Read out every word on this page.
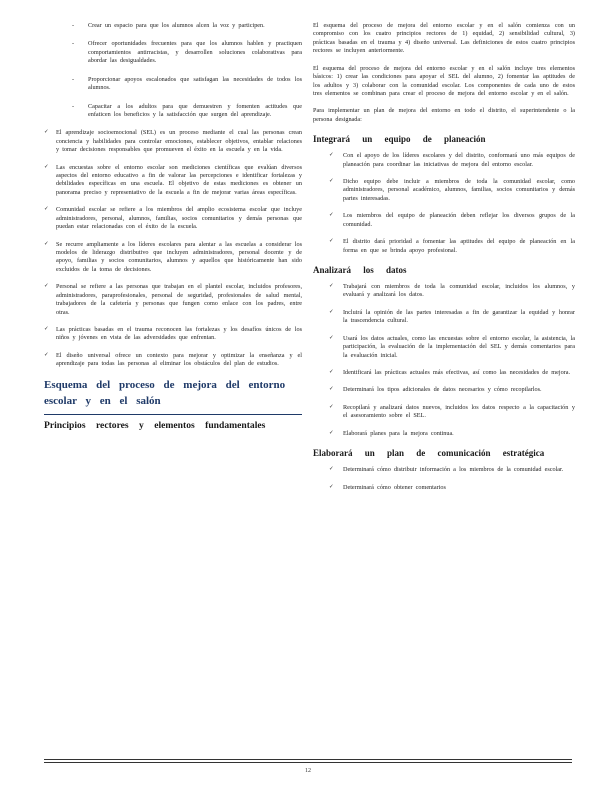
- Crear un espacio para que los alumnos alcen la voz y participen.
- Ofrecer oportunidades frecuentes para que los alumnos hablen y practiquen comportamientos antirracistas, y desarrollen soluciones colaborativas para abordar las desigualdades.
- Proporcionar apoyos escalonados que satisfagan las necesidades de todos los alumnos.
- Capacitar a los adultos para que demuestren y fomenten actitudes que enfaticen los beneficios y la satisfacción que surgen del aprendizaje.
✓ El aprendizaje socioemocional (SEL) es un proceso mediante el cual las personas crean conciencia y habilidades para controlar emociones, establecer objetivos, entablar relaciones y tomar decisiones responsables que promueven el éxito en la escuela y en la vida.
✓ Las encuestas sobre el entorno escolar son mediciones científicas que evalúan diversos aspectos del entorno educativo a fin de valorar las percepciones e identificar fortalezas y debilidades específicas en una escuela. El objetivo de estas mediciones es obtener un panorama preciso y representativo de la escuela a fin de mejorar varias áreas específicas.
✓ Comunidad escolar se refiere a los miembros del amplio ecosistema escolar que incluye administradores, personal, alumnos, familias, socios comunitarios y demás personas que puedan estar relacionadas con el éxito de la escuela.
✓ Se recurre ampliamente a los líderes escolares para alentar a las escuelas a considerar los modelos de liderazgo distributivo que incluyen administradores, personal docente y de apoyo, familias y socios comunitarios, alumnos y aquellos que históricamente han sido excluidos de la toma de decisiones.
✓ Personal se refiere a las personas que trabajan en el plantel escolar, incluidos profesores, administradores, paraprofesionales, personal de seguridad, profesionales de salud mental, trabajadores de la cafetería y personas que fungen como enlace con los padres, entre otras.
✓ Las prácticas basadas en el trauma reconocen las fortalezas y los desafíos únicos de los niños y jóvenes en vista de las adversidades que enfrentan.
✓ El diseño universal ofrece un contexto para mejorar y optimizar la enseñanza y el aprendizaje para todas las personas al eliminar los obstáculos del plan de estudios.
Esquema del proceso de mejora del entorno escolar y en el salón
Principios rectores y elementos fundamentales

El esquema del proceso de mejora del entorno escolar y en el salón comienza con un compromiso con los cuatro principios rectores de 1) equidad, 2) sensibilidad cultural, 3) prácticas basadas en el trauma y 4) diseño universal. Las definiciones de estos cuatro principios rectores se incluyen anteriormente.

El esquema del proceso de mejora del entorno escolar y en el salón incluye tres elementos básicos: 1) crear las condiciones para apoyar el SEL del alumno, 2) fomentar las aptitudes de los adultos y 3) colaborar con la comunidad escolar. Los componentes de cada uno de estos tres elementos se combinan para crear el proceso de mejora del entorno escolar y en el salón.

Para implementar un plan de mejora del entorno en todo el distrito, el superintendente o la persona designada:

Integrará un equipo de planeación
✓ Con el apoyo de los líderes escolares y del distrito, conformará uno más equipos de planeación para coordinar las iniciativas de mejora del entorno escolar.
✓ Dicho equipo debe incluir a miembros de toda la comunidad escolar, como administradores, personal académico, alumnos, familias, socios comunitarios y demás partes interesadas.
✓ Los miembros del equipo de planeación deben reflejar los diversos grupos de la comunidad.
✓ El distrito dará prioridad a fomentar las aptitudes del equipo de planeación en la forma en que se brinda apoyo profesional.
Analizará los datos
✓ Trabajará con miembros de toda la comunidad escolar, incluidos los alumnos, y evaluará y analizará los datos.
✓ Incluirá la opinión de las partes interesadas a fin de garantizar la equidad y honrar la trascendencia cultural.
✓ Usará los datos actuales, como las encuestas sobre el entorno escolar, la asistencia, la participación, la evaluación de la implementación del SEL y demás comentarios para la evaluación inicial.
✓ Identificará las prácticas actuales más efectivas, así como las necesidades de mejora.
✓ Determinará los tipos adicionales de datos necesarios y cómo recopilarlos.
✓ Recopilará y analizará datos nuevos, incluidos los datos respecto a la capacitación y el asesoramiento sobre el SEL.
✓ Elaborará planes para la mejora continua.
Elaborará un plan de comunicación estratégica
✓ Determinará cómo distribuir información a los miembros de la comunidad escolar.
✓ Determinará cómo obtener comentarios
12
